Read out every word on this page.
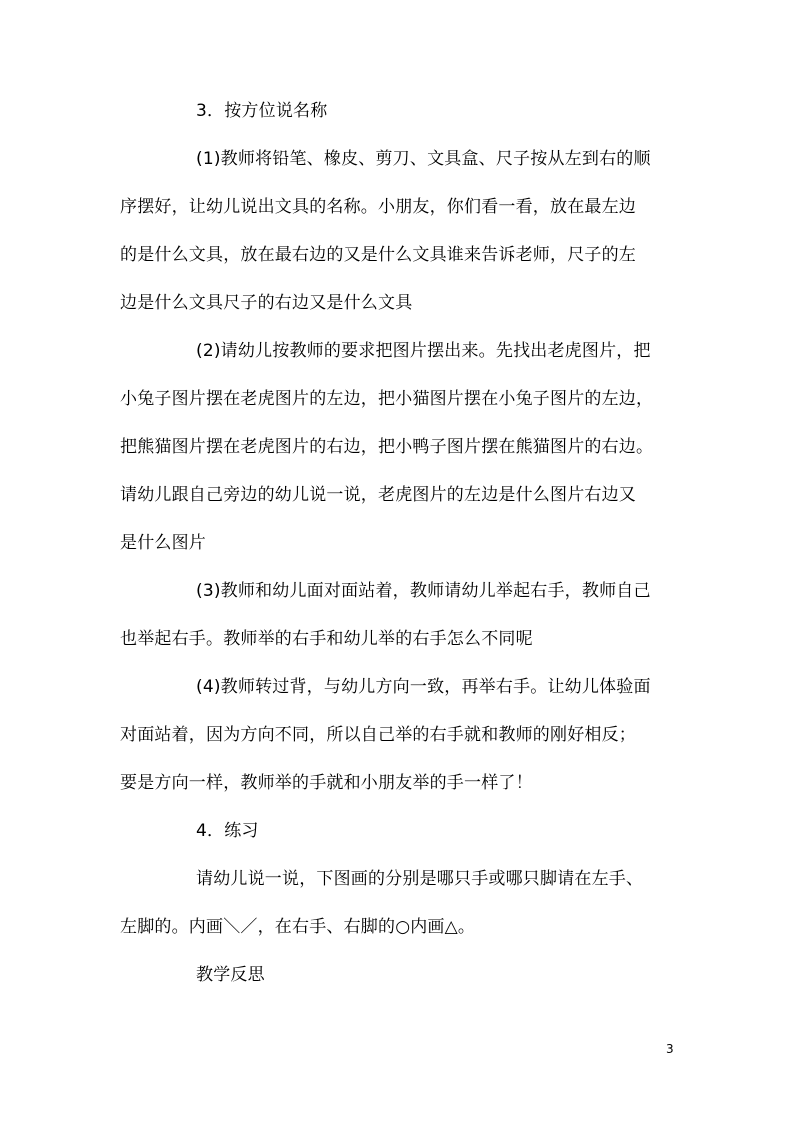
3．按方位说名称
(1)教师将铅笔、橡皮、剪刀、文具盒、尺子按从左到右的顺
序摆好，让幼儿说出文具的名称。小朋友，你们看一看，放在最左边
的是什么文具，放在最右边的又是什么文具谁来告诉老师，尺子的左
边是什么文具尺子的右边又是什么文具
(2)请幼儿按教师的要求把图片摆出来。先找出老虎图片，把
小兔子图片摆在老虎图片的左边，把小猫图片摆在小兔子图片的左边，
把熊猫图片摆在老虎图片的右边，把小鸭子图片摆在熊猫图片的右边。
请幼儿跟自己旁边的幼儿说一说，老虎图片的左边是什么图片右边又
是什么图片
(3)教师和幼儿面对面站着，教师请幼儿举起右手，教师自己
也举起右手。教师举的右手和幼儿举的右手怎么不同呢
(4)教师转过背，与幼儿方向一致，再举右手。让幼儿体验面
对面站着，因为方向不同，所以自己举的右手就和教师的刚好相反；
要是方向一样，教师举的手就和小朋友举的手一样了！
4．练习
请幼儿说一说，下图画的分别是哪只手或哪只脚请在左手、
左脚的。内画＼／，在右手、右脚的○内画△。
教学反思
3
